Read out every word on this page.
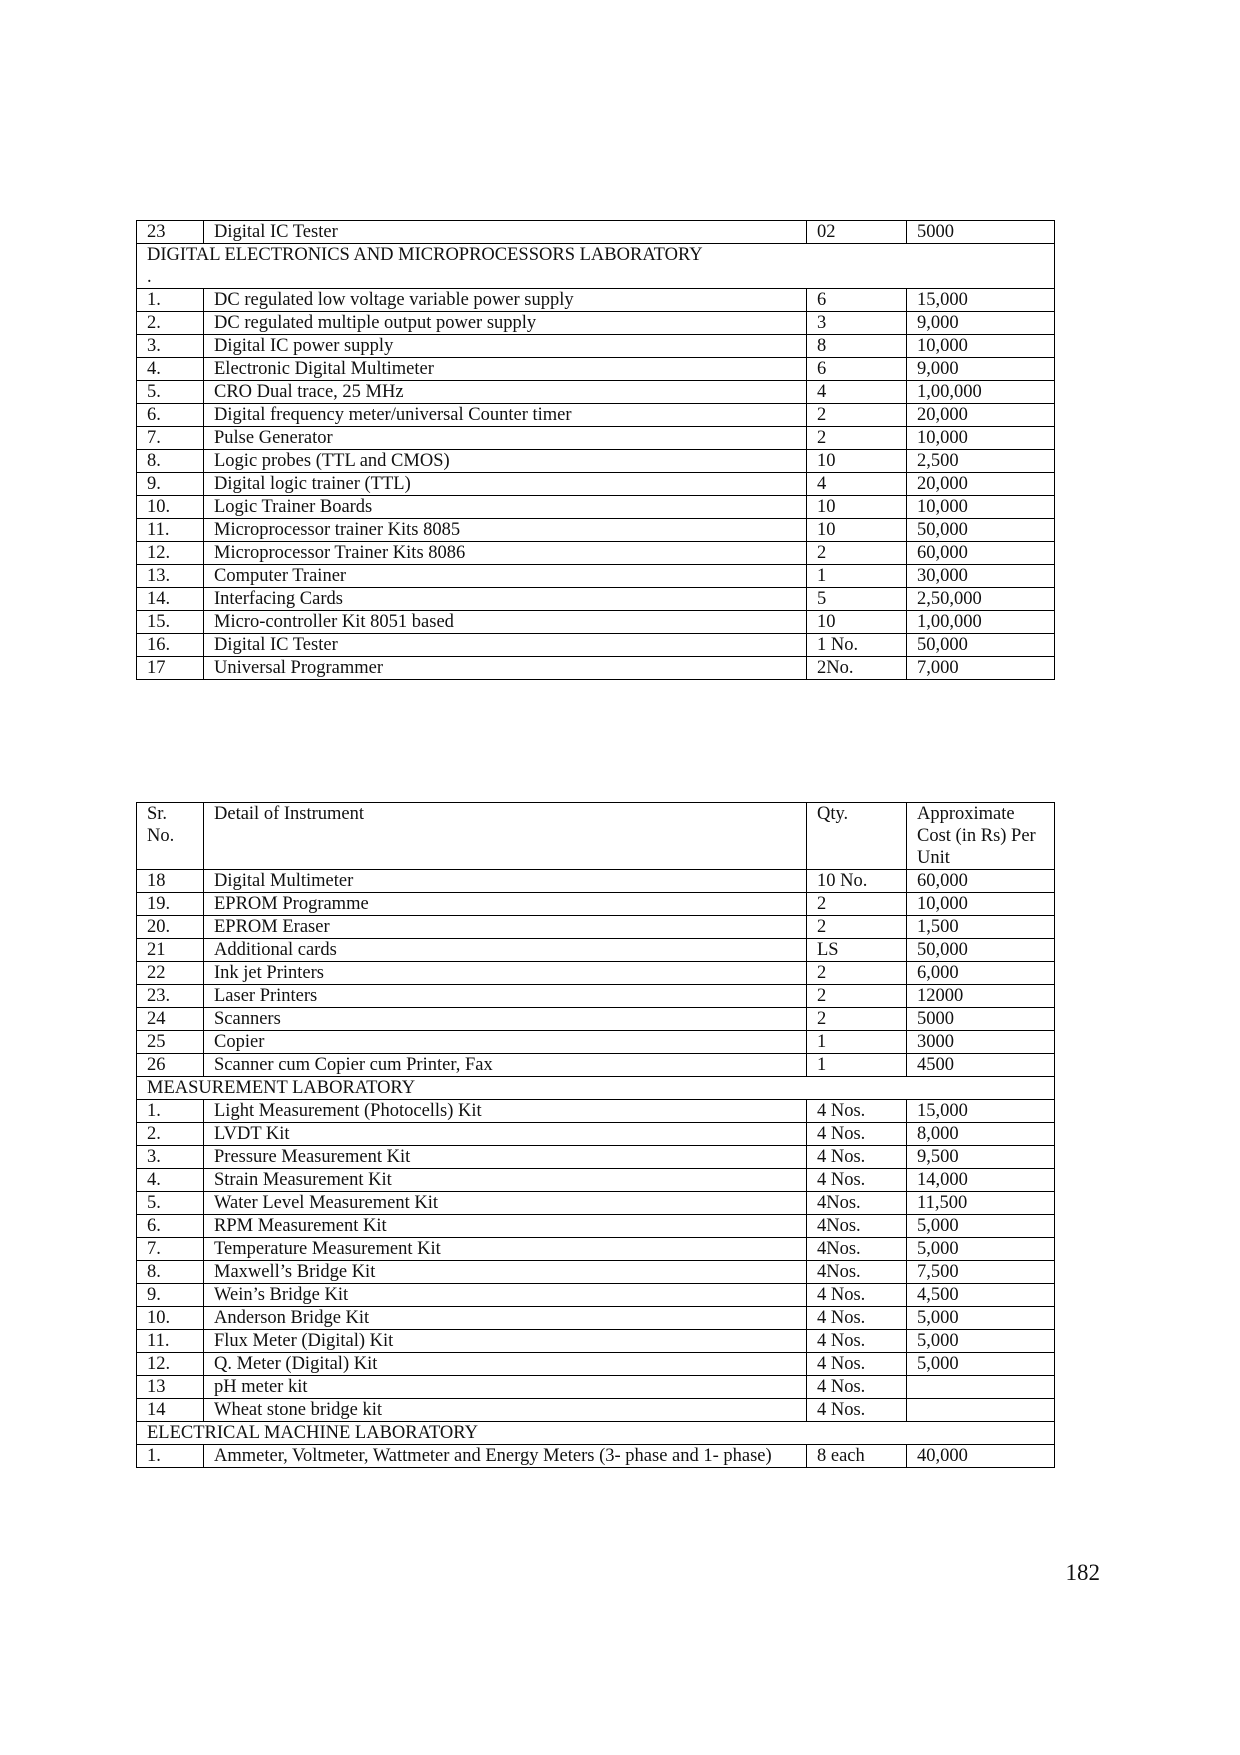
23	Digital IC Tester	02	5000

DIGITAL ELECTRONICS AND MICROPROCESSORS LABORATORY
.			

1.	DC regulated low voltage variable power supply	6	15,000
2.	DC regulated multiple output power supply	3	9,000
3.	Digital IC power supply	8	10,000
4.	Electronic Digital Multimeter	6	9,000
5.	CRO Dual trace, 25 MHz	4	1,00,000
6.	Digital frequency meter/universal Counter timer	2	20,000
7.	Pulse Generator	2	10,000
8.	Logic probes (TTL and CMOS)	10	2,500
9.	Digital logic trainer (TTL)	4	20,000
10.	Logic Trainer Boards	10	10,000
11.	Microprocessor trainer Kits 8085	10	50,000
12.	Microprocessor Trainer Kits 8086	2	60,000
13.	Computer Trainer	1	30,000
14.	Interfacing Cards	5	2,50,000
15.	Micro-controller Kit 8051 based	10	1,00,000
16.	Digital IC Tester	1 No.	50,000
17	Universal Programmer	2No.	7,000
Sr. No.	Detail of Instrument	Qty.	Approximate Cost (in Rs) Per Unit
18	Digital Multimeter	10 No.	60,000
19.	EPROM Programme	2	10,000
20.	EPROM Eraser	2	1,500
21	Additional cards	LS	50,000
22	Ink jet Printers	2	6,000
23.	Laser Printers	2	12000
24	Scanners	2	5000
25	Copier	1	3000
26	Scanner cum Copier cum Printer, Fax	1	4500
MEASUREMENT LABORATORY			
1.	Light Measurement (Photocells) Kit	4 Nos.	15,000
2.	LVDT Kit	4 Nos.	8,000
3.	Pressure Measurement Kit	4 Nos.	9,500
4.	Strain Measurement Kit	4 Nos.	14,000
5.	Water Level Measurement Kit	4Nos.	11,500
6.	RPM Measurement Kit	4Nos.	5,000
7.	Temperature Measurement Kit	4Nos.	5,000
8.	Maxwell’s Bridge Kit	4Nos.	7,500
9.	Wein’s Bridge Kit	4 Nos.	4,500
10.	Anderson Bridge Kit	4 Nos.	5,000
11.	Flux Meter (Digital) Kit	4 Nos.	5,000
12.	Q. Meter (Digital) Kit	4 Nos.	5,000
13	pH meter kit	4 Nos.	
14	Wheat stone bridge kit	4 Nos.	
ELECTRICAL MACHINE LABORATORY			
1.	Ammeter, Voltmeter, Wattmeter and Energy Meters (3- phase and 1- phase)	8 each	40,000
182
